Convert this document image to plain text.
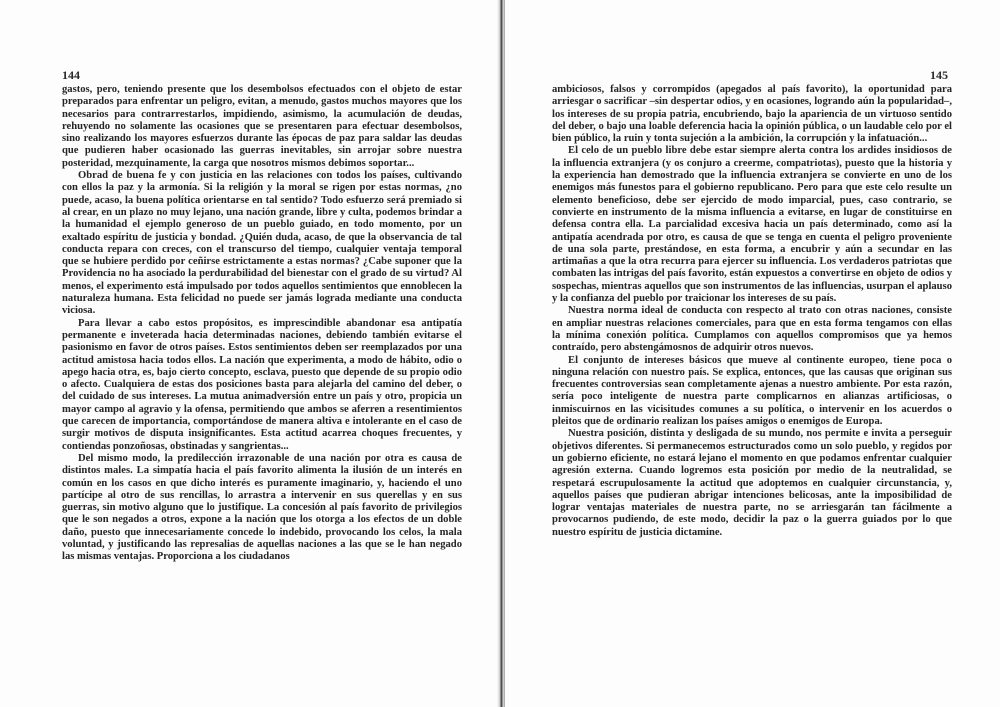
144

gastos, pero, teniendo presente que los desembolsos efectuados con el objeto de estar preparados para enfrentar un peligro, evitan, a menudo, gastos muchos mayores que los necesarios para contrarrestarlos, impidiendo, asimismo, la acumulación de deudas, rehuyendo no solamente las ocasiones que se presentaren para efectuar desembolsos, sino realizando los mayores esfuerzos durante las épocas de paz para saldar las deudas que pudieren haber ocasionado las guerras inevitables, sin arrojar sobre nuestra posteridad, mezquinamente, la carga que nosotros mismos debimos soportar...

Obrad de buena fe y con justicia en las relaciones con todos los países, cultivando con ellos la paz y la armonía. Si la religión y la moral se rigen por estas normas, ¿no puede, acaso, la buena política orientarse en tal sentido? Todo esfuerzo será premiado si al crear, en un plazo no muy lejano, una nación grande, libre y culta, podemos brindar a la humanidad el ejemplo generoso de un pueblo guiado, en todo momento, por un exaltado espíritu de justicia y bondad. ¿Quién duda, acaso, de que la observancia de tal conducta repara con creces, con el transcurso del tiempo, cualquier ventaja temporal que se hubiere perdido por ceñirse estrictamente a estas normas? ¿Cabe suponer que la Providencia no ha asociado la perdurabilidad del bienestar con el grado de su virtud? Al menos, el experimento está impulsado por todos aquellos sentimientos que ennoblecen la naturaleza humana. Esta felicidad no puede ser jamás lograda mediante una conducta viciosa.

Para llevar a cabo estos propósitos, es imprescindible abandonar esa antipatía permanente e inveterada hacia determinadas naciones, debiendo también evitarse el pasionismo en favor de otros países. Estos sentimientos deben ser reemplazados por una actitud amistosa hacia todos ellos. La nación que experimenta, a modo de hábito, odio o apego hacia otra, es, bajo cierto concepto, esclava, puesto que depende de su propio odio o afecto. Cualquiera de estas dos posiciones basta para alejarla del camino del deber, o del cuidado de sus intereses. La mutua animadversión entre un país y otro, propicia un mayor campo al agravio y la ofensa, permitiendo que ambos se aferren a resentimientos que carecen de importancia, comportándose de manera altiva e intolerante en el caso de surgir motivos de disputa insignificantes. Esta actitud acarrea choques frecuentes, y contiendas ponzoñosas, obstinadas y sangrientas...

Del mismo modo, la predilección irrazonable de una nación por otra es causa de distintos males. La simpatía hacia el país favorito alimenta la ilusión de un interés en común en los casos en que dicho interés es puramente imaginario, y, haciendo el uno partícipe al otro de sus rencillas, lo arrastra a intervenir en sus querellas y en sus guerras, sin motivo alguno que lo justifique. La concesión al país favorito de privilegios que le son negados a otros, expone a la nación que los otorga a los efectos de un doble daño, puesto que innecesariamente concede lo indebido, provocando los celos, la mala voluntad, y justificando las represalias de aquellas naciones a las que se le han negado las mismas ventajas. Proporciona a los ciudadanos

145

ambiciosos, falsos y corrompidos (apegados al país favorito), la oportunidad para arriesgar o sacrificar –sin despertar odios, y en ocasiones, logrando aún la popularidad–, los intereses de su propia patria, encubriendo, bajo la apariencia de un virtuoso sentido del deber, o bajo una loable deferencia hacia la opinión pública, o un laudable celo por el bien público, la ruin y tonta sujeción a la ambición, la corrupción y la infatuación...

El celo de un pueblo libre debe estar siempre alerta contra los ardides insidiosos de la influencia extranjera (y os conjuro a creerme, compatriotas), puesto que la historia y la experiencia han demostrado que la influencia extranjera se convierte en uno de los enemigos más funestos para el gobierno republicano. Pero para que este celo resulte un elemento beneficioso, debe ser ejercido de modo imparcial, pues, caso contrario, se convierte en instrumento de la misma influencia a evitarse, en lugar de constituirse en defensa contra ella. La parcialidad excesiva hacia un país determinado, como así la antipatía acendrada por otro, es causa de que se tenga en cuenta el peligro proveniente de una sola parte, prestándose, en esta forma, a encubrir y aún a secundar en las artimañas a que la otra recurra para ejercer su influencia. Los verdaderos patriotas que combaten las intrigas del país favorito, están expuestos a convertirse en objeto de odios y sospechas, mientras aquellos que son instrumentos de las influencias, usurpan el aplauso y la confianza del pueblo por traicionar los intereses de su país.

Nuestra norma ideal de conducta con respecto al trato con otras naciones, consiste en ampliar nuestras relaciones comerciales, para que en esta forma tengamos con ellas la mínima conexión política. Cumplamos con aquellos compromisos que ya hemos contraído, pero abstengámosnos de adquirir otros nuevos.

El conjunto de intereses básicos que mueve al continente europeo, tiene poca o ninguna relación con nuestro país. Se explica, entonces, que las causas que originan sus frecuentes controversias sean completamente ajenas a nuestro ambiente. Por esta razón, sería poco inteligente de nuestra parte complicarnos en alianzas artificiosas, o inmiscuirnos en las vicisitudes comunes a su política, o intervenir en los acuerdos o pleitos que de ordinario realizan los países amigos o enemigos de Europa.

Nuestra posición, distinta y desligada de su mundo, nos permite e invita a perseguir objetivos diferentes. Si permanecemos estructurados como un solo pueblo, y regidos por un gobierno eficiente, no estará lejano el momento en que podamos enfrentar cualquier agresión externa. Cuando logremos esta posición por medio de la neutralidad, se respetará escrupulosamente la actitud que adoptemos en cualquier circunstancia, y, aquellos países que pudieran abrigar intenciones belicosas, ante la imposibilidad de lograr ventajas materiales de nuestra parte, no se arriesgarán tan fácilmente a provocarnos pudiendo, de este modo, decidir la paz o la guerra guiados por lo que nuestro espíritu de justicia dictamine.
